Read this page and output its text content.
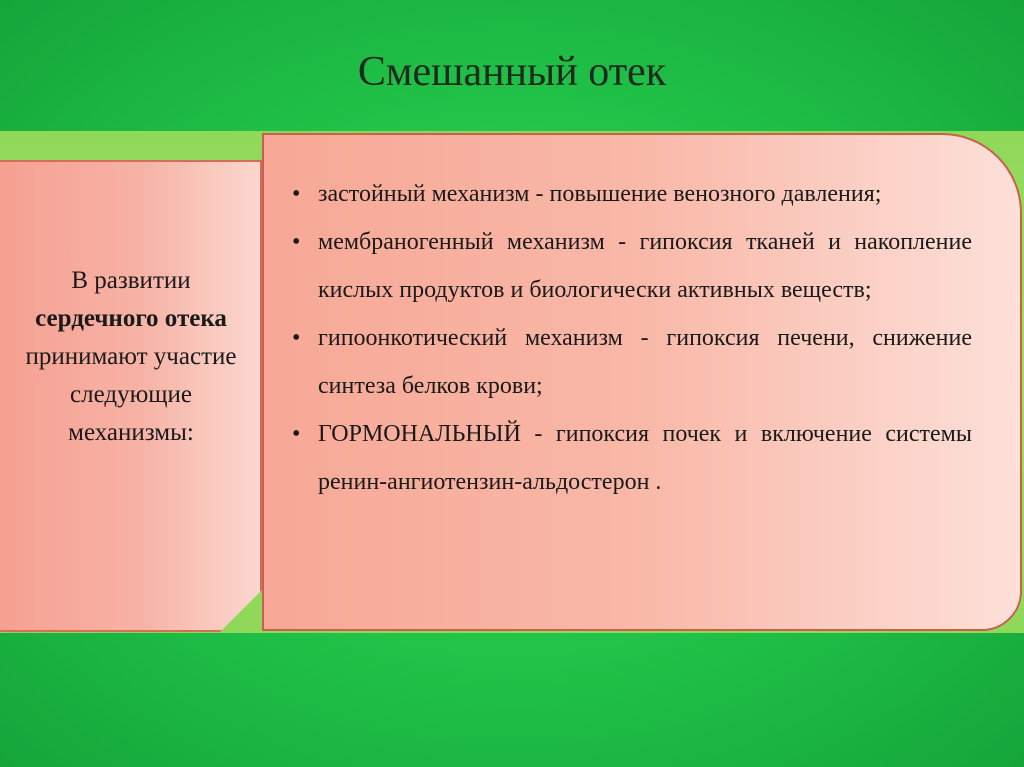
Смешанный отек
В развитии
сердечного отека
принимают участие
следующие
механизмы:
• застойный механизм - повышение венозного давления;
• мембраногенный механизм - гипоксия тканей и накопление кислых продуктов и биологически активных веществ;
• гипоонкотический механизм - гипоксия печени, снижение синтеза белков крови;
• ГОРМОНАЛЬНЫЙ - гипоксия почек и включение системы ренин-ангиотензин-альдостерон .
